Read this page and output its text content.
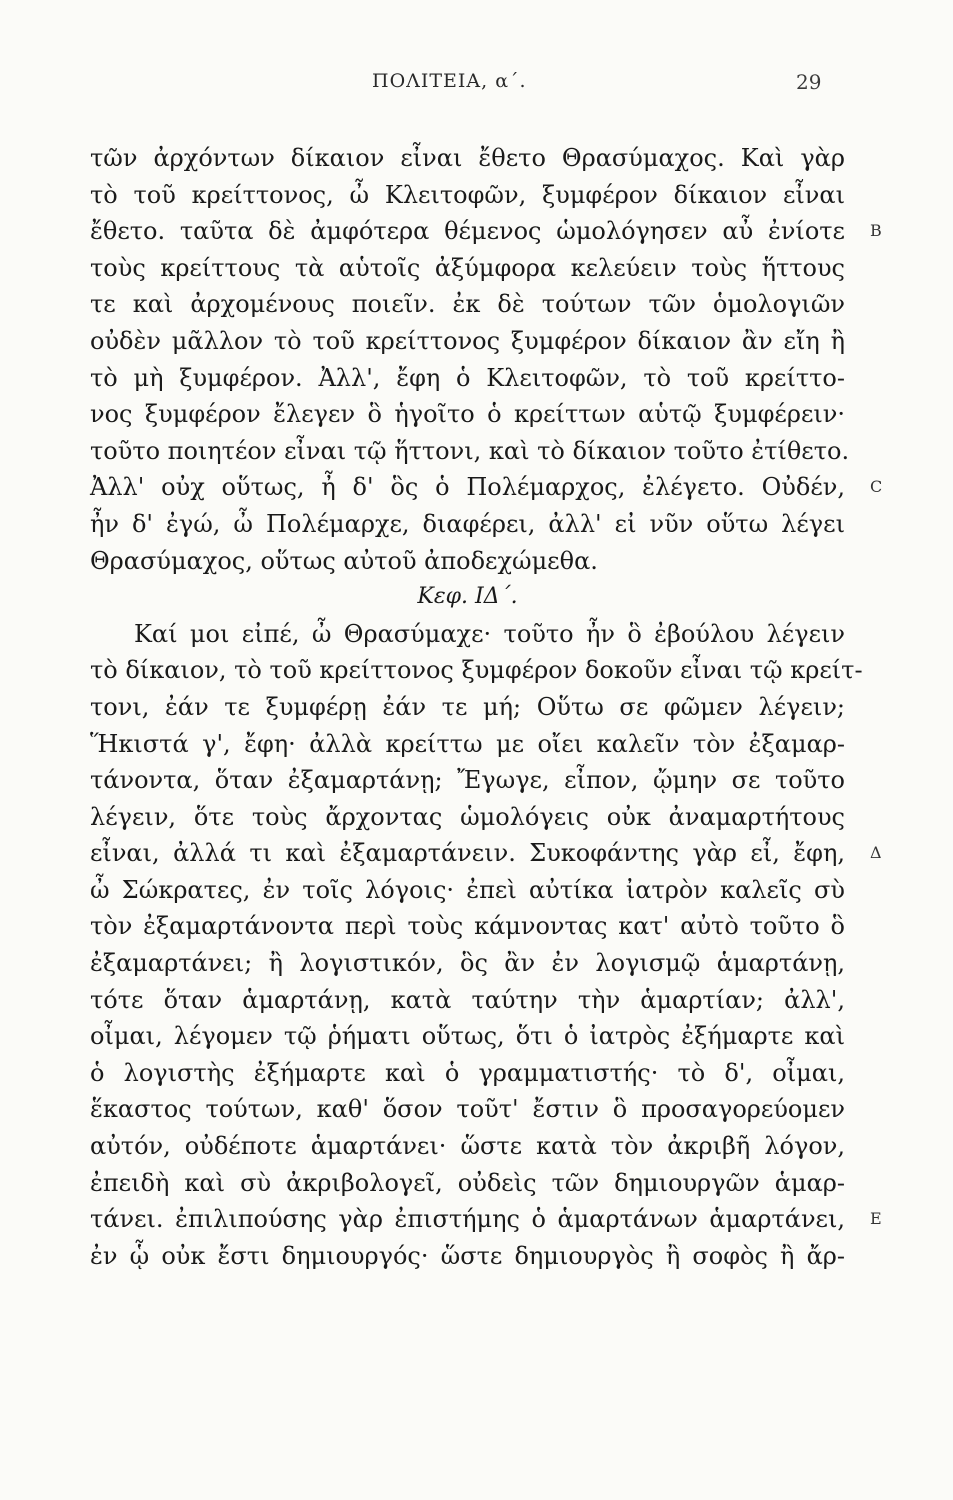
ΠΟΛΙΤΕΙΑ, α΄.	29
τῶν ἀρχόντων δίκαιον εἶναι ἔθετο Θρασύμαχος. Καὶ γὰρ
τὸ τοῦ κρείττονος, ὦ Κλειτοφῶν, ξυμφέρον δίκαιον εἶναι
ἔθετο. ταῦτα δὲ ἀμφότερα θέμενος ὡμολόγησεν αὖ ἐνίοτε B
τοὺς κρείττους τὰ αὑτοῖς ἀξύμφορα κελεύειν τοὺς ἥττους
τε καὶ ἀρχομένους ποιεῖν. ἐκ δὲ τούτων τῶν ὁμολογιῶν
οὐδὲν μᾶλλον τὸ τοῦ κρείττονος ξυμφέρον δίκαιον ἂν εἴη ἢ
τὸ μὴ ξυμφέρον. Ἀλλ', ἔφη ὁ Κλειτοφῶν, τὸ τοῦ κρείττο-
νος ξυμφέρον ἔλεγεν ὃ ἡγοῖτο ὁ κρείττων αὑτῷ ξυμφέρειν·
τοῦτο ποιητέον εἶναι τῷ ἥττονι, καὶ τὸ δίκαιον τοῦτο ἐτίθετο.
Ἀλλ' οὐχ οὕτως, ἦ δ' ὃς ὁ Πολέμαρχος, ἐλέγετο. Οὐδέν, C
ἦν δ' ἐγώ, ὦ Πολέμαρχε, διαφέρει, ἀλλ' εἰ νῦν οὕτω λέγει
Θρασύμαχος, οὕτως αὐτοῦ ἀποδεχώμεθα.
Κεφ. ΙΔ΄.
Καί μοι εἰπέ, ὦ Θρασύμαχε· τοῦτο ἦν ὃ ἐβούλου λέγειν
τὸ δίκαιον, τὸ τοῦ κρείττονος ξυμφέρον δοκοῦν εἶναι τῷ κρείτ-
τονι, ἐάν τε ξυμφέρῃ ἐάν τε μή; Οὕτω σε φῶμεν λέγειν;
Ἥκιστά γ', ἔφη· ἀλλὰ κρείττω με οἴει καλεῖν τὸν ἐξαμαρ-
τάνοντα, ὅταν ἐξαμαρτάνῃ; Ἔγωγε, εἶπον, ᾤμην σε τοῦτο
λέγειν, ὅτε τοὺς ἄρχοντας ὡμολόγεις οὐκ ἀναμαρτήτους
εἶναι, ἀλλά τι καὶ ἐξαμαρτάνειν. Συκοφάντης γὰρ εἶ, ἔφη, Δ
ὦ Σώκρατες, ἐν τοῖς λόγοις· ἐπεὶ αὐτίκα ἰατρὸν καλεῖς σὺ
τὸν ἐξαμαρτάνοντα περὶ τοὺς κάμνοντας κατ' αὐτὸ τοῦτο ὃ
ἐξαμαρτάνει; ἢ λογιστικόν, ὃς ἂν ἐν λογισμῷ ἁμαρτάνῃ,
τότε ὅταν ἁμαρτάνῃ, κατὰ ταύτην τὴν ἁμαρτίαν; ἀλλ',
οἶμαι, λέγομεν τῷ ῥήματι οὕτως, ὅτι ὁ ἰατρὸς ἐξήμαρτε καὶ
ὁ λογιστὴς ἐξήμαρτε καὶ ὁ γραμματιστής· τὸ δ', οἶμαι,
ἕκαστος τούτων, καθ' ὅσον τοῦτ' ἔστιν ὃ προσαγορεύομεν
αὐτόν, οὐδέποτε ἁμαρτάνει· ὥστε κατὰ τὸν ἀκριβῆ λόγον,
ἐπειδὴ καὶ σὺ ἀκριβολογεῖ, οὐδεὶς τῶν δημιουργῶν ἁμαρ-
τάνει. ἐπιλιπούσης γὰρ ἐπιστήμης ὁ ἁμαρτάνων ἁμαρτάνει, E
ἐν ᾧ οὐκ ἔστι δημιουργός· ὥστε δημιουργὸς ἢ σοφὸς ἢ ἄρ-
